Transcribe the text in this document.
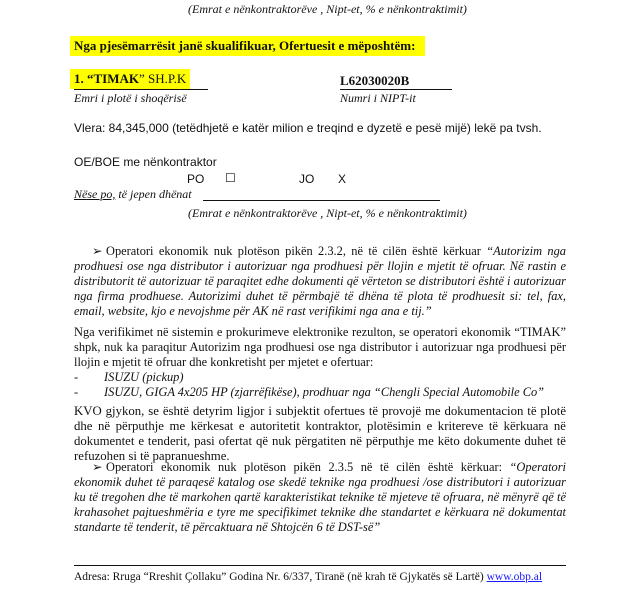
(Emrat e nënkontraktorëve , Nipt-et, % e nënkontraktimit)
Nga pjesëmarrësit janë skualifikuar, Ofertuesit e mëposhtëm:
1. “TIMAK” SH.P.K	L62030020B
Emri i plotë i shoqërisë	Numri i NIPT-it
Vlera: 84,345,000 (tetëdhjetë e katër milion e treqind e dyzetë e pesë mijë) lekë pa tvsh.
OE/BOE me nënkontraktor
PO ☐	JO X
Nëse po, të jepen dhënat
(Emrat e nënkontraktorëve , Nipt-et, % e nënkontraktimit)
➢ Operatori ekonomik nuk plotëson pikën 2.3.2, në të cilën është kërkuar “Autorizim nga prodhuesi ose nga distributor i autorizuar nga prodhuesi për llojin e mjetit të ofruar. Në rastin e distributorit të autorizuar të paraqitet edhe dokumenti që vërteton se distributori është i autorizuar nga firma prodhuese. Autorizimi duhet të përmbajë të dhëna të plota të prodhuesit si: tel, fax, email, website, kjo e nevojshme për AK në rast verifikimi nga ana e tij.”
Nga verifikimet në sistemin e prokurimeve elektronike rezulton, se operatori ekonomik “TIMAK” shpk, nuk ka paraqitur Autorizim nga prodhuesi ose nga distributor i autorizuar nga prodhuesi për llojin e mjetit të ofruar dhe konkretisht per mjetet e ofertuar:
- ISUZU (pickup)
- ISUZU, GIGA 4x205 HP (zjarrëfikëse), prodhuar nga “Chengli Special Automobile Co”
KVO gjykon, se është detyrim ligjor i subjektit ofertues të provojë me dokumentacion të plotë dhe në përputhje me kërkesat e autoritetit kontraktor, plotësimin e kritereve të kërkuara në dokumentet e tenderit, pasi ofertat që nuk përgatiten në përputhje me këto dokumente duhet të refuzohen si të papranueshme.
➢ Operatori ekonomik nuk plotëson pikën 2.3.5 në të cilën është kërkuar: “Operatori ekonomik duhet të paraqesë katalog ose skedë teknike nga prodhuesi /ose distributori i autorizuar ku të tregohen dhe të markohen qartë karakteristikat teknike të mjeteve të ofruara, në mënyrë që të krahasohet pajtueshmëria e tyre me specifikimet teknike dhe standartet e kërkuara në dokumentat standarte të tenderit, të përcaktuara në Shtojcën 6 të DST-së”
Adresa: Rruga “Rreshit Çollaku” Godina Nr. 6/337, Tiranë (në krah të Gjykatës së Lartë) www.obp.al
